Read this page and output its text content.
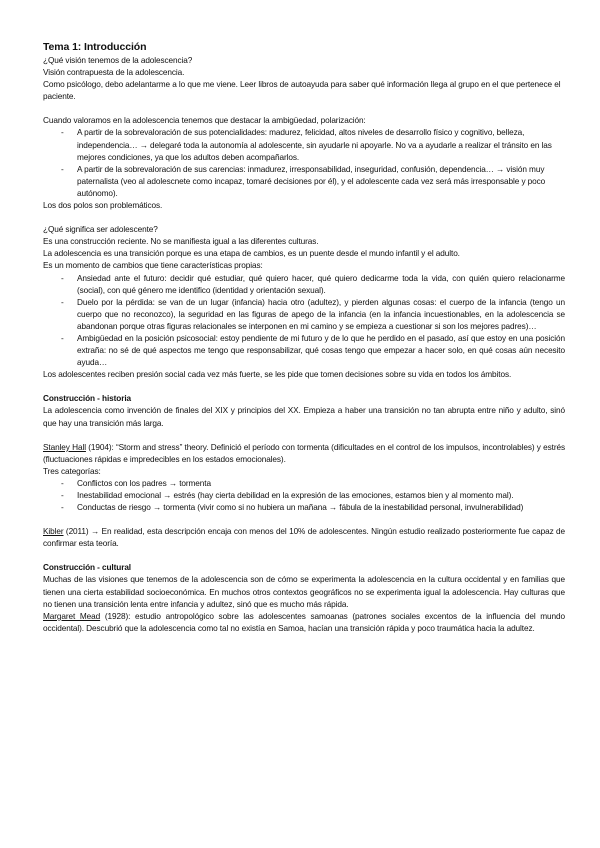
Tema 1: Introducción

¿Qué visión tenemos de la adolescencia?

Visión contrapuesta de la adolescencia.

Como psicólogo, debo adelantarme a lo que me viene. Leer libros de autoayuda para saber qué información llega al grupo en el que pertenece el paciente.

Cuando valoramos en la adolescencia tenemos que destacar la ambigüedad, polarización:

- A partir de la sobrevaloración de sus potencialidades: madurez, felicidad, altos niveles de desarrollo físico y cognitivo, belleza, independencia… → delegaré toda la autonomía al adolescente, sin ayudarle ni apoyarle. No va a ayudarle a realizar el tránsito en las mejores condiciones, ya que los adultos deben acompañarlos.

- A partir de la sobrevaloración de sus carencias: inmadurez, irresponsabilidad, inseguridad, confusión, dependencia… → visión muy paternalista (veo al adolescnete como incapaz, tomaré decisiones por él), y el adolescente cada vez será más irresponsable y poco autónomo).

Los dos polos son problemáticos.

¿Qué significa ser adolescente?

Es una construcción reciente. No se manifiesta igual a las diferentes culturas.

La adolescencia es una transición porque es una etapa de cambios, es un puente desde el mundo infantil y el adulto.

Es un momento de cambios que tiene características propias:

- Ansiedad ante el futuro: decidir qué estudiar, qué quiero hacer, qué quiero dedicarme toda la vida, con quién quiero relacionarme (social), con qué género me identifico (identidad y orientación sexual).

- Duelo por la pérdida: se van de un lugar (infancia) hacia otro (adultez), y pierden algunas cosas: el cuerpo de la infancia (tengo un cuerpo que no reconozco), la seguridad en las figuras de apego de la infancia (en la infancia incuestionables, en la adolescencia se abandonan porque otras figuras relacionales se interponen en mi camino y se empieza a cuestionar si son los mejores padres)…

- Ambigüedad en la posición psicosocial: estoy pendiente de mi futuro y de lo que he perdido en el pasado, así que estoy en una posición extraña: no sé de qué aspectos me tengo que responsabilizar, qué cosas tengo que empezar a hacer solo, en qué cosas aún necesito ayuda…

Los adolescentes reciben presión social cada vez más fuerte, se les pide que tomen decisiones sobre su vida en todos los ámbitos.

Construcción - historia

La adolescencia como invención de finales del XIX y principios del XX. Empieza a haber una transición no tan abrupta entre niño y adulto, sinó que hay una transición más larga.

Stanley Hall (1904): “Storm and stress” theory. Definició el período con tormenta (dificultades en el control de los impulsos, incontrolables) y estrés (fluctuaciones rápidas e impredecibles en los estados emocionales).

Tres categorías:

- Conflictos con los padres → tormenta

- Inestabilidad emocional → estrés (hay cierta debilidad en la expresión de las emociones, estamos bien y al momento mal).

- Conductas de riesgo → tormenta (vivir como si no hubiera un mañana → fábula de la inestabilidad personal, invulnerabilidad)

Kibler (2011) → En realidad, esta descripción encaja con menos del 10% de adolescentes. Ningún estudio realizado posteriormente fue capaz de confirmar esta teoría.

Construcción - cultural

Muchas de las visiones que tenemos de la adolescencia son de cómo se experimenta la adolescencia en la cultura occidental y en familias que tienen una cierta estabilidad socioeconómica. En muchos otros contextos geográficos no se experimenta igual la adolescencia. Hay culturas que no tienen una transición lenta entre infancia y adultez, sinó que es mucho más rápida.

Margaret Mead (1928): estudio antropológico sobre las adolescentes samoanas (patrones sociales excentos de la influencia del mundo occidental). Descubrió que la adolescencia como tal no existía en Samoa, hacían una transición rápida y poco traumática hacia la adultez.
